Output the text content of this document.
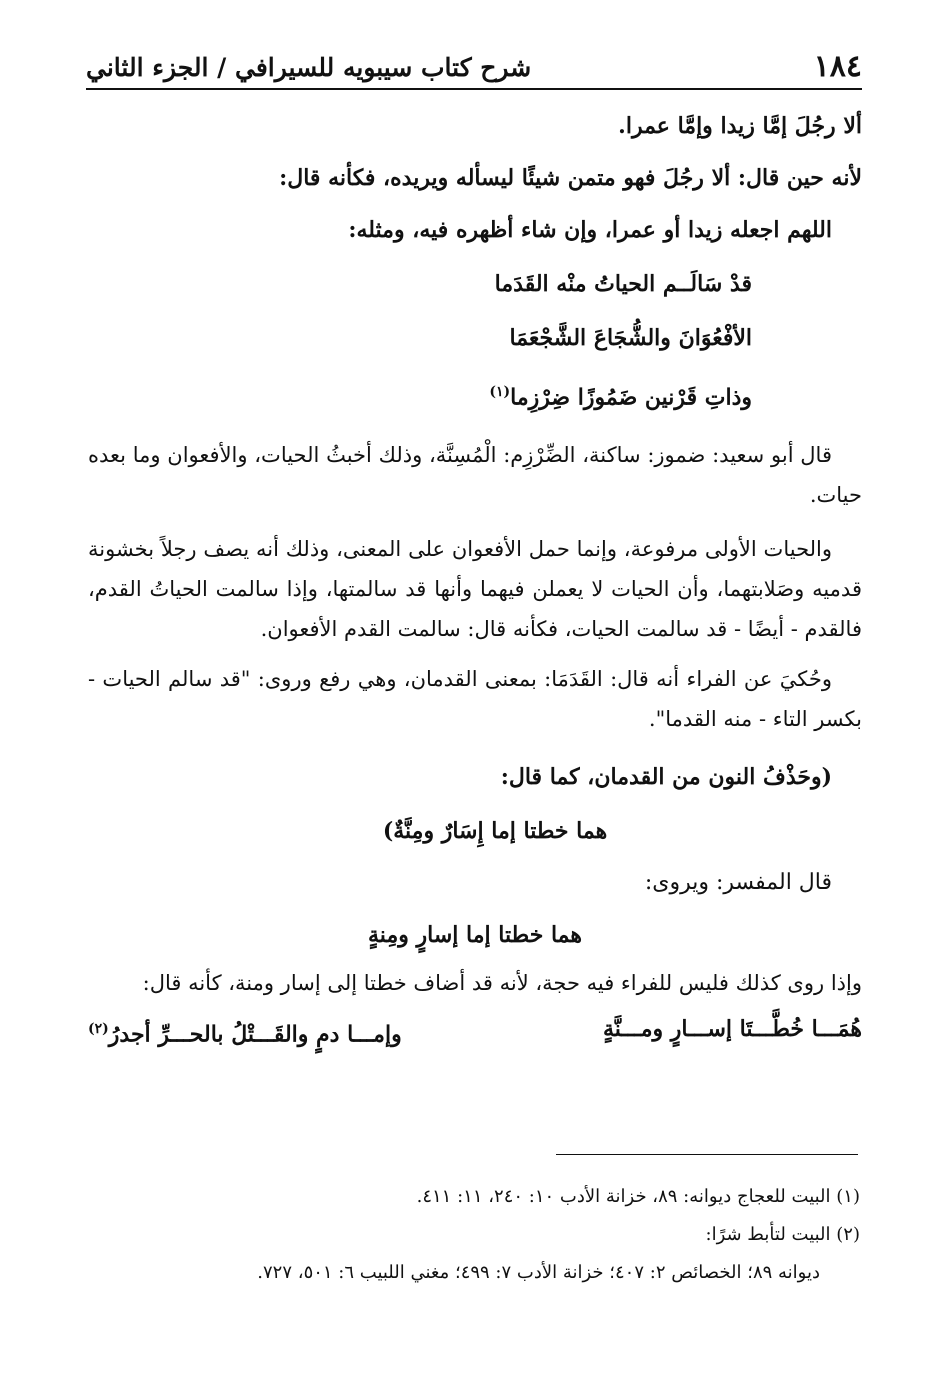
١٨٤
شرح كتاب سيبويه للسيرافي / الجزء الثاني

ألا رجُلَ إمَّا زيدا وإمَّا عمرا.

لأنه حين قال: ألا رجُلَ فهو متمن شيئًا ليسأله ويريده، فكأنه قال:

اللهم اجعله زيدا أو عمرا، وإن شاء أظهره فيه، ومثله:

قدْ سَالَــم الحياتُ منْه القَدَما

الأفْعُوَانَ والشُّجَاعَ الشَّجْعَمَا

وذاتِ قَرْنين ضَمُوزًا ضِرْزِما$^{(١)}$

قال أبو سعيد: ضموز: ساكنة، الضِّرْزِم: الْمُسِنَّة، وذلك أخبثُ الحيات، والأفعوان وما بعده حيات.

والحيات الأولى مرفوعة، وإنما حمل الأفعوان على المعنى، وذلك أنه يصف رجلاً بخشونة قدميه وصَلابتهما، وأن الحيات لا يعملن فيهما وأنها قد سالمتها، وإذا سالمت الحياتُ القدم، فالقدم - أيضًا - قد سالمت الحيات، فكأنه قال: سالمت القدم الأفعوان.

وحُكيَ عن الفراء أنه قال: القَدَمَا: بمعنى القدمان، وهي رفع وروى: "قد سالم الحيات - بكسر التاء - منه القدما".

(وحَذْفُ النون من القدمان، كما قال:

هما خطتا إما إِسَارٌ ومِنَّةٌ)

قال المفسر: ويروى:

هما خطتا إما إسارٍ ومِنةٍ

وإذا روى كذلك فليس للفراء فيه حجة، لأنه قد أضاف خطتا إلى إسار ومنة، كأنه قال:

هُمَـــا خُطَّـــتَا إســـارٍ ومـــنَّةٍ
وإمـــا دمٍ والقَـــتْلُ بالحـــرِّ أجدرُ$^{(٢)}$

(١) البيت للعجاج ديوانه: ٨٩، خزانة الأدب ١٠: ٢٤٠، ١١: ٤١١.

(٢) البيت لتأبط شرًا:

ديوانه ٨٩؛ الخصائص ٢: ٤٠٧؛ خزانة الأدب ٧: ٤٩٩؛ مغني اللبيب ٦: ٥٠١، ٧٢٧.
